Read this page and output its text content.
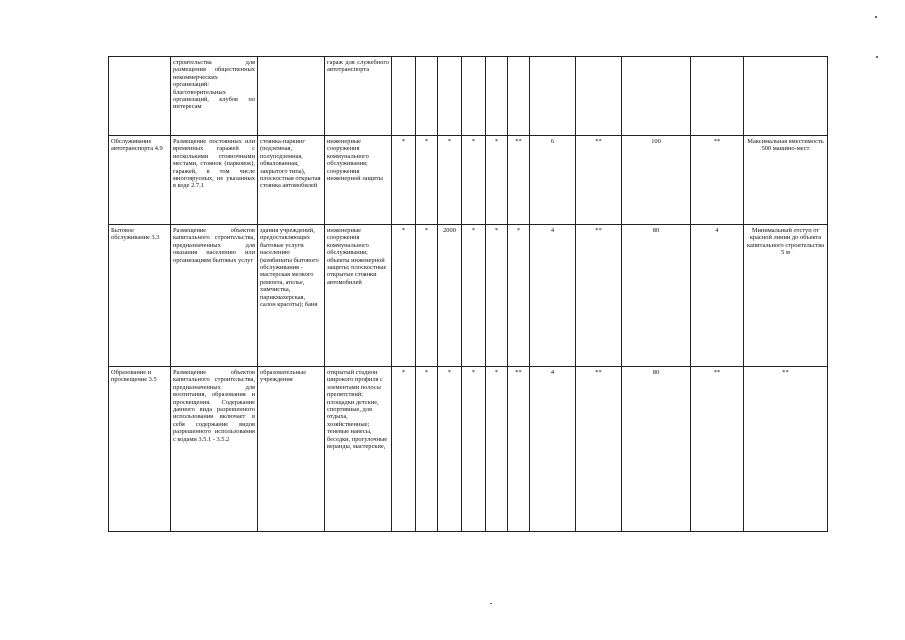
	строительства для размещения общественных некоммерческих организаций: благотворительных организаций, клубов по интересам		гараж для служебного автотранспорта											
Обслуживание автотранспорта 4.9	Размещение постоянных или временных гаражей с несколькими стояночными местами, стоянок (парковок), гаражей, в том числе многоярусных, не указанных в коде 2.7.1	стоянка-паркинг (подземная, полуподземная, обвалованная, закрытого типа), плоскостная открытая стоянка автомобилей	инженерные сооружения коммунального обслуживания; сооружения инженерной защиты	*	*	*	*	*	**	6	**	100	**	Максимальная вместимость 500 машино-мест
Бытовое обслуживание 3.3	Размещение объектов капитального строительства, предназначенных для оказания населению или организациям бытовых услуг	здания учреждений, предоставляющих бытовые услуги населению (комбинаты бытового обслуживания - мастерская мелкого ремонта, ателье, химчистка, парикмахерская, салон красоты); баня	инженерные сооружения коммунального обслуживания; объекты инженерной защиты; плоскостные открытые стоянки автомобилей	*	*	2000	*	*	*	4	**	80	4	Минимальный отступ от красной линии до объекта капитального строительства 5 м
Образование и просвещение 3.5	Размещение объектов капитального строительства, предназначенных для воспитания, образования и просвещения. Содержание данного вида разрешенного использования включает в себя содержание видов разрешенного использования с кодами 3.5.1 - 3.5.2	образовательные учреждения	открытый стадион широкого профиля с элементами полосы препятствий; площадки детские, спортивные, для отдыха, хозяйственные; теневые навесы, беседки, прогулочные веранды, мастерские,	*	*	*	*	*	**	4	**	80	**	**
